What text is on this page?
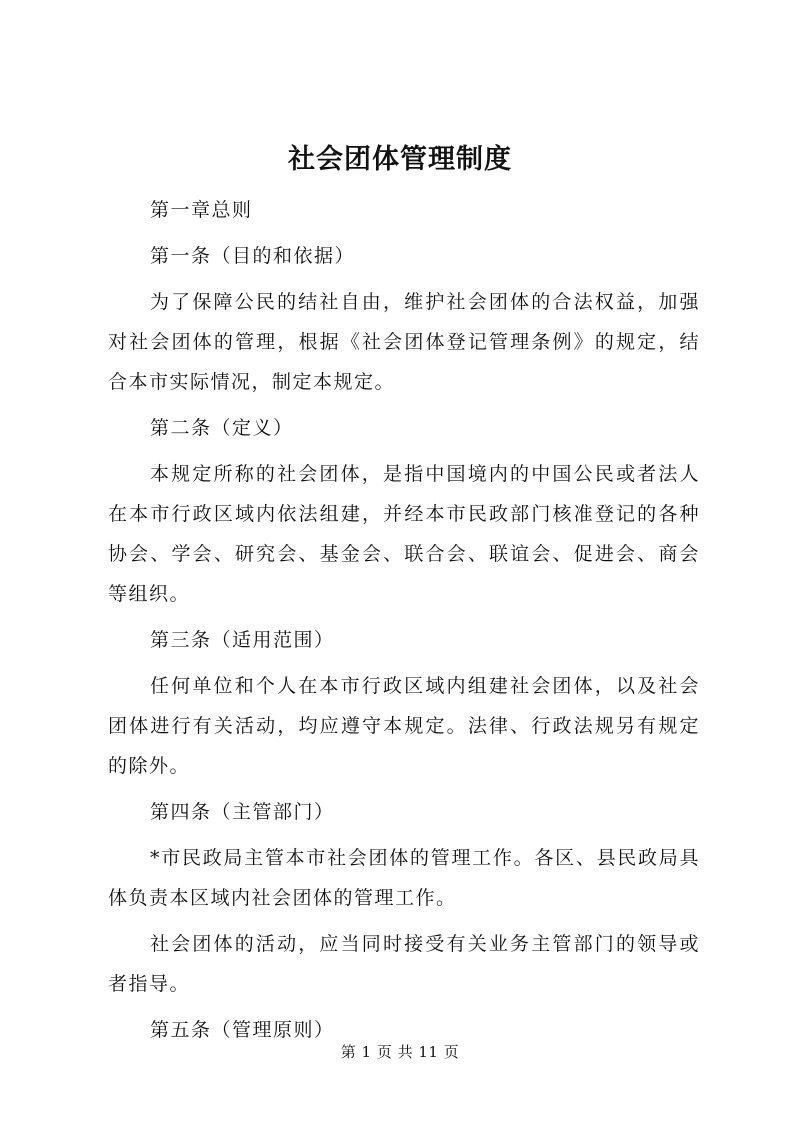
社会团体管理制度

第一章总则

第一条（目的和依据）

为了保障公民的结社自由，维护社会团体的合法权益，加强对社会团体的管理，根据《社会团体登记管理条例》的规定，结合本市实际情况，制定本规定。

第二条（定义）

本规定所称的社会团体，是指中国境内的中国公民或者法人在本市行政区域内依法组建，并经本市民政部门核准登记的各种协会、学会、研究会、基金会、联合会、联谊会、促进会、商会等组织。

第三条（适用范围）

任何单位和个人在本市行政区域内组建社会团体，以及社会团体进行有关活动，均应遵守本规定。法律、行政法规另有规定的除外。

第四条（主管部门）

*市民政局主管本市社会团体的管理工作。各区、县民政局具体负责本区域内社会团体的管理工作。

社会团体的活动，应当同时接受有关业务主管部门的领导或者指导。

第五条（管理原则）

第 1 页 共 11 页
